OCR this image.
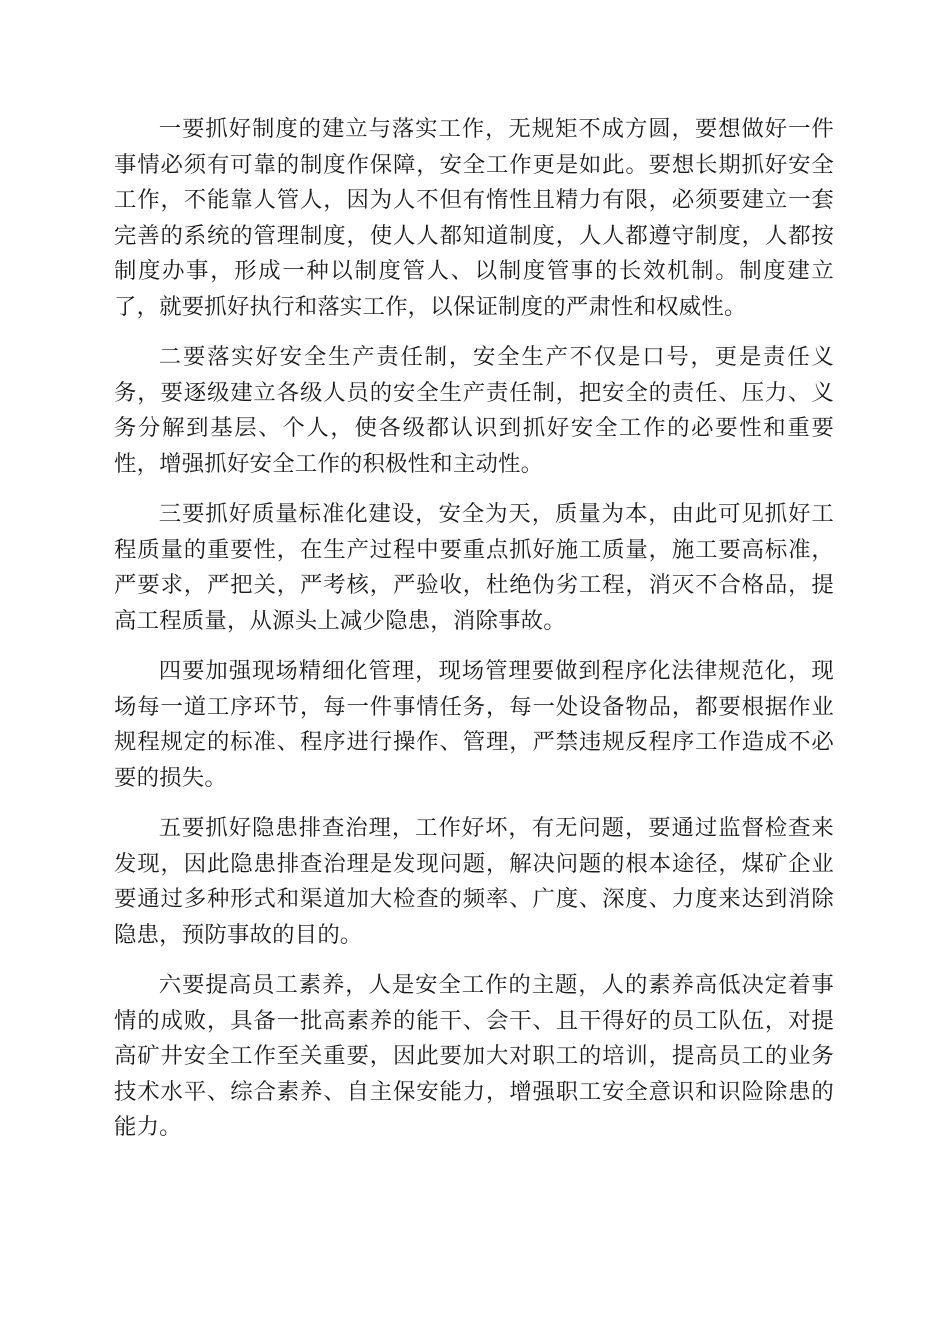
一要抓好制度的建立与落实工作，无规矩不成方圆，要想做好一件事情必须有可靠的制度作保障，安全工作更是如此。要想长期抓好安全工作，不能靠人管人，因为人不但有惰性且精力有限，必须要建立一套完善的系统的管理制度，使人人都知道制度，人人都遵守制度，人都按制度办事，形成一种以制度管人、以制度管事的长效机制。制度建立了，就要抓好执行和落实工作，以保证制度的严肃性和权威性。

二要落实好安全生产责任制，安全生产不仅是口号，更是责任义务，要逐级建立各级人员的安全生产责任制，把安全的责任、压力、义务分解到基层、个人，使各级都认识到抓好安全工作的必要性和重要性，增强抓好安全工作的积极性和主动性。

三要抓好质量标准化建设，安全为天，质量为本，由此可见抓好工程质量的重要性，在生产过程中要重点抓好施工质量，施工要高标准，严要求，严把关，严考核，严验收，杜绝伪劣工程，消灭不合格品，提高工程质量，从源头上减少隐患，消除事故。

四要加强现场精细化管理，现场管理要做到程序化法律规范化，现场每一道工序环节，每一件事情任务，每一处设备物品，都要根据作业规程规定的标准、程序进行操作、管理，严禁违规反程序工作造成不必要的损失。

五要抓好隐患排查治理，工作好坏，有无问题，要通过监督检查来发现，因此隐患排查治理是发现问题，解决问题的根本途径，煤矿企业要通过多种形式和渠道加大检查的频率、广度、深度、力度来达到消除隐患，预防事故的目的。

六要提高员工素养，人是安全工作的主题，人的素养高低决定着事情的成败，具备一批高素养的能干、会干、且干得好的员工队伍，对提高矿井安全工作至关重要，因此要加大对职工的培训，提高员工的业务技术水平、综合素养、自主保安能力，增强职工安全意识和识险除患的能力。
